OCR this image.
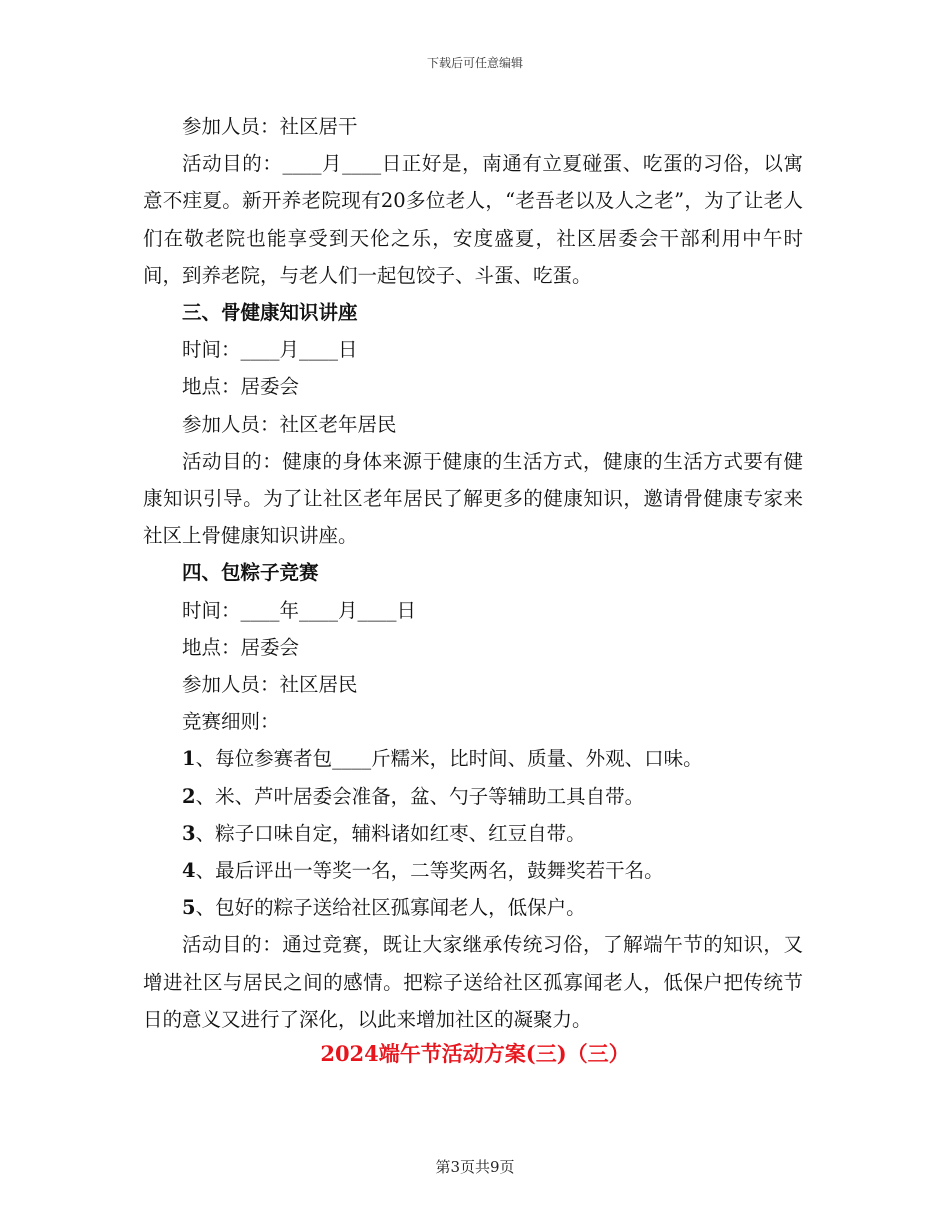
下载后可任意编辑

参加人员：社区居干

活动目的：____月____日正好是，南通有立夏碰蛋、吃蛋的习俗，以寓意不疰夏。新开养老院现有20多位老人，“老吾老以及人之老”，为了让老人们在敬老院也能享受到天伦之乐，安度盛夏，社区居委会干部利用中午时间，到养老院，与老人们一起包饺子、斗蛋、吃蛋。

三、骨健康知识讲座

时间：____月____日

地点：居委会

参加人员：社区老年居民

活动目的：健康的身体来源于健康的生活方式，健康的生活方式要有健康知识引导。为了让社区老年居民了解更多的健康知识，邀请骨健康专家来社区上骨健康知识讲座。

四、包粽子竞赛

时间：____年____月____日

地点：居委会

参加人员：社区居民

竞赛细则：

1、每位参赛者包____斤糯米，比时间、质量、外观、口味。

2、米、芦叶居委会准备，盆、勺子等辅助工具自带。

3、粽子口味自定，辅料诸如红枣、红豆自带。

4、最后评出一等奖一名，二等奖两名，鼓舞奖若干名。

5、包好的粽子送给社区孤寡闻老人，低保户。

活动目的：通过竞赛，既让大家继承传统习俗，了解端午节的知识，又增进社区与居民之间的感情。把粽子送给社区孤寡闻老人，低保户把传统节日的意义又进行了深化，以此来增加社区的凝聚力。

2024端午节活动方案(三)（三）
第3页共9页
